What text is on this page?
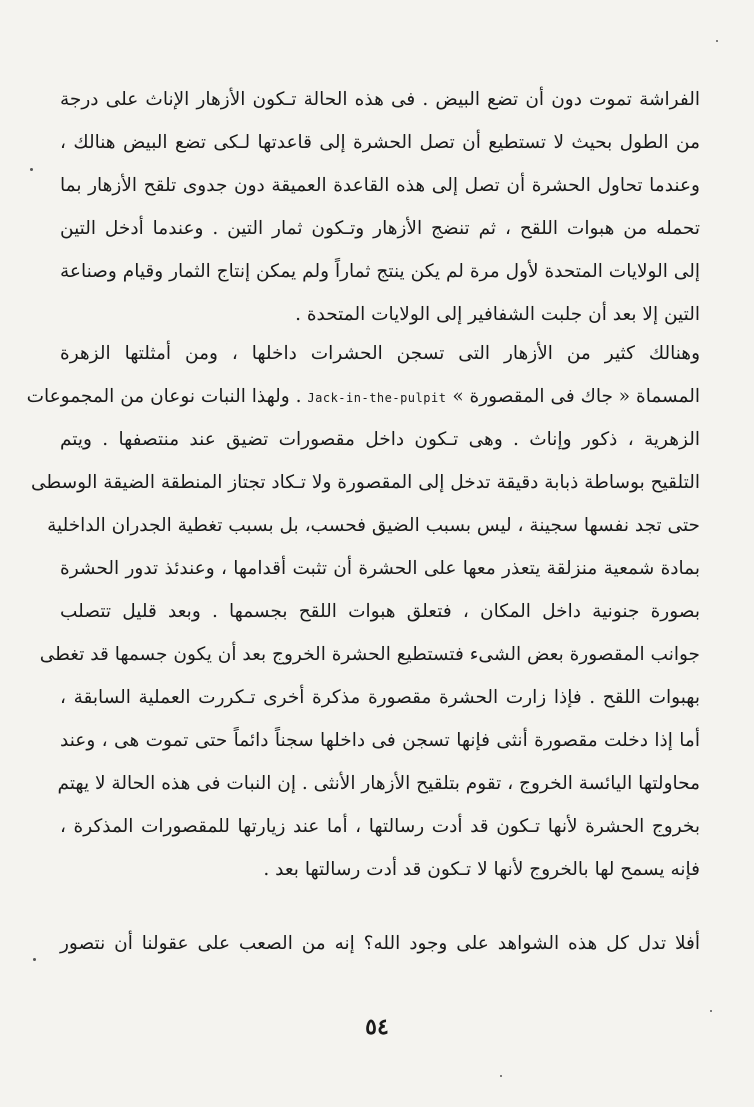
الفراشة تموت دون أن تضع البيض . فى هذه الحالة تـكون الأزهار الإناث على درجة
من الطول بحيث لا تستطيع أن تصل الحشرة إلى قاعدتها لـكى تضع البيض هنالك ،
وعندما تحاول الحشرة أن تصل إلى هذه القاعدة العميقة دون جدوى تلقح الأزهار بما
تحمله من هبوات اللقح ، ثم تنضج الأزهار وتـكون ثمار التين . وعندما أدخل التين
إلى الولايات المتحدة لأول مرة لم يكن ينتج ثماراً ولم يمكن إنتاج الثمار وقيام وصناعة
التين إلا بعد أن جلبت الشفافير إلى الولايات المتحدة .
وهنالك كثير من الأزهار التى تسجن الحشرات داخلها ، ومن أمثلتها الزهرة
المسماة « جاك فى المقصورة » Jack-in-the-pulpit . ولهذا النبات نوعان من المجموعات
الزهرية ، ذكور وإناث . وهى تـكون داخل مقصورات تضيق عند منتصفها . ويتم
التلقيح بوساطة ذبابة دقيقة تدخل إلى المقصورة ولا تـكاد تجتاز المنطقة الضيقة الوسطى
حتى تجد نفسها سجينة ، ليس بسبب الضيق فحسب، بل بسبب تغطية الجدران الداخلية
بمادة شمعية منزلقة يتعذر معها على الحشرة أن تثبت أقدامها ، وعندئذ تدور الحشرة
بصورة جنونية داخل المكان ، فتعلق هبوات اللقح بجسمها . وبعد قليل تتصلب
جوانب المقصورة بعض الشىء فتستطيع الحشرة الخروج بعد أن يكون جسمها قد تغطى
بهبوات اللقح . فإذا زارت الحشرة مقصورة مذكرة أخرى تـكررت العملية السابقة ،
أما إذا دخلت مقصورة أنثى فإنها تسجن فى داخلها سجناً دائماً حتى تموت هى ، وعند
محاولتها اليائسة الخروج ، تقوم بتلقيح الأزهار الأنثى . إن النبات فى هذه الحالة لا يهتم
بخروج الحشرة لأنها تـكون قد أدت رسالتها ، أما عند زيارتها للمقصورات المذكرة ،
فإنه يسمح لها بالخروج لأنها لا تـكون قد أدت رسالتها بعد .
أفلا تدل كل هذه الشواهد على وجود الله؟ إنه من الصعب على عقولنا أن نتصور
٥٤
